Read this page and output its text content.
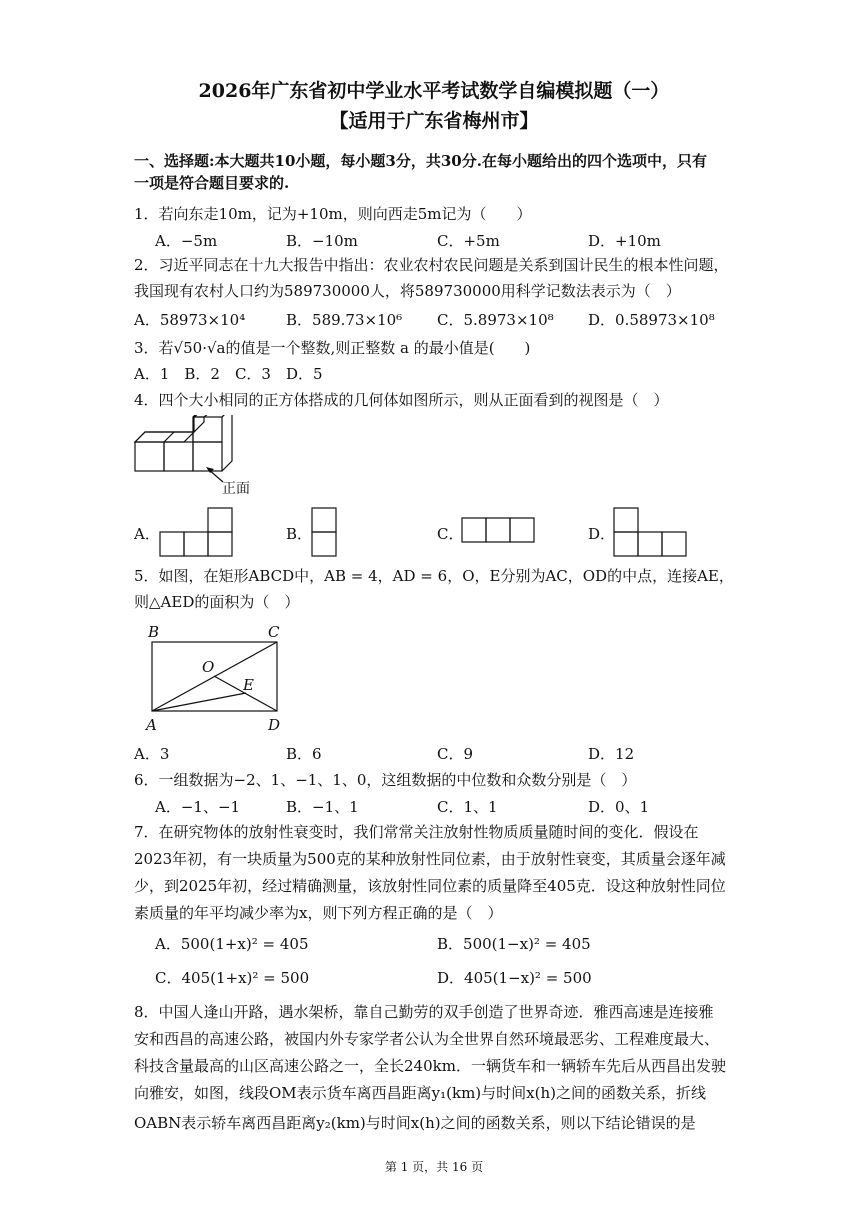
2026年广东省初中学业水平考试数学自编模拟题（一）
【适用于广东省梅州市】
一、选择题:本大题共10小题，每小题3分，共30分.在每小题给出的四个选项中，只有
一项是符合题目要求的.
1．若向东走10m，记为+10m，则向西走5m记为（　　）
A．−5m	B．−10m	C．+5m	D．+10m
2．习近平同志在十九大报告中指出：农业农村农民问题是关系到国计民生的根本性问题，
我国现有农村人口约为589730000人，将589730000用科学记数法表示为（　）
A．58973×10⁴	B．589.73×10⁶ C．5.8973×10⁸ D．0.58973×10⁸
3．若√50·√a的值是一个整数,则正整数 a 的最小值是(　　)
A．1　B．2　C．3　D．5
4．四个大小相同的正方体搭成的几何体如图所示，则从正面看到的视图是（　）
正面
A．	B．	C．	D．
5．如图，在矩形ABCD中，AB = 4，AD = 6，O，E分别为AC，OD的中点，连接AE，
则△AED的面积为（　）
B	C
O
E
A	D
A．3	B．6	C．9	D．12
6．一组数据为−2、1、−1、1、0，这组数据的中位数和众数分别是（　）
A．−1、−1	B．−1、1	C．1、1	D．0、1
7．在研究物体的放射性衰变时，我们常常关注放射性物质质量随时间的变化．假设在
2023年初，有一块质量为500克的某种放射性同位素，由于放射性衰变，其质量会逐年减
少，到2025年初，经过精确测量，该放射性同位素的质量降至405克．设这种放射性同位
素质量的年平均减少率为x，则下列方程正确的是（　）
A．500(1+x)² = 405	B．500(1−x)² = 405
C．405(1+x)² = 500	D．405(1−x)² = 500
8．中国人逢山开路，遇水架桥，靠自己勤劳的双手创造了世界奇迹．雅西高速是连接雅
安和西昌的高速公路，被国内外专家学者公认为全世界自然环境最恶劣、工程难度最大、
科技含量最高的山区高速公路之一，全长240km．一辆货车和一辆轿车先后从西昌出发驶
向雅安，如图，线段OM表示货车离西昌距离y₁(km)与时间x(h)之间的函数关系，折线
OABN表示轿车离西昌距离y₂(km)与时间x(h)之间的函数关系，则以下结论错误的是
第 1 页，共 16 页
